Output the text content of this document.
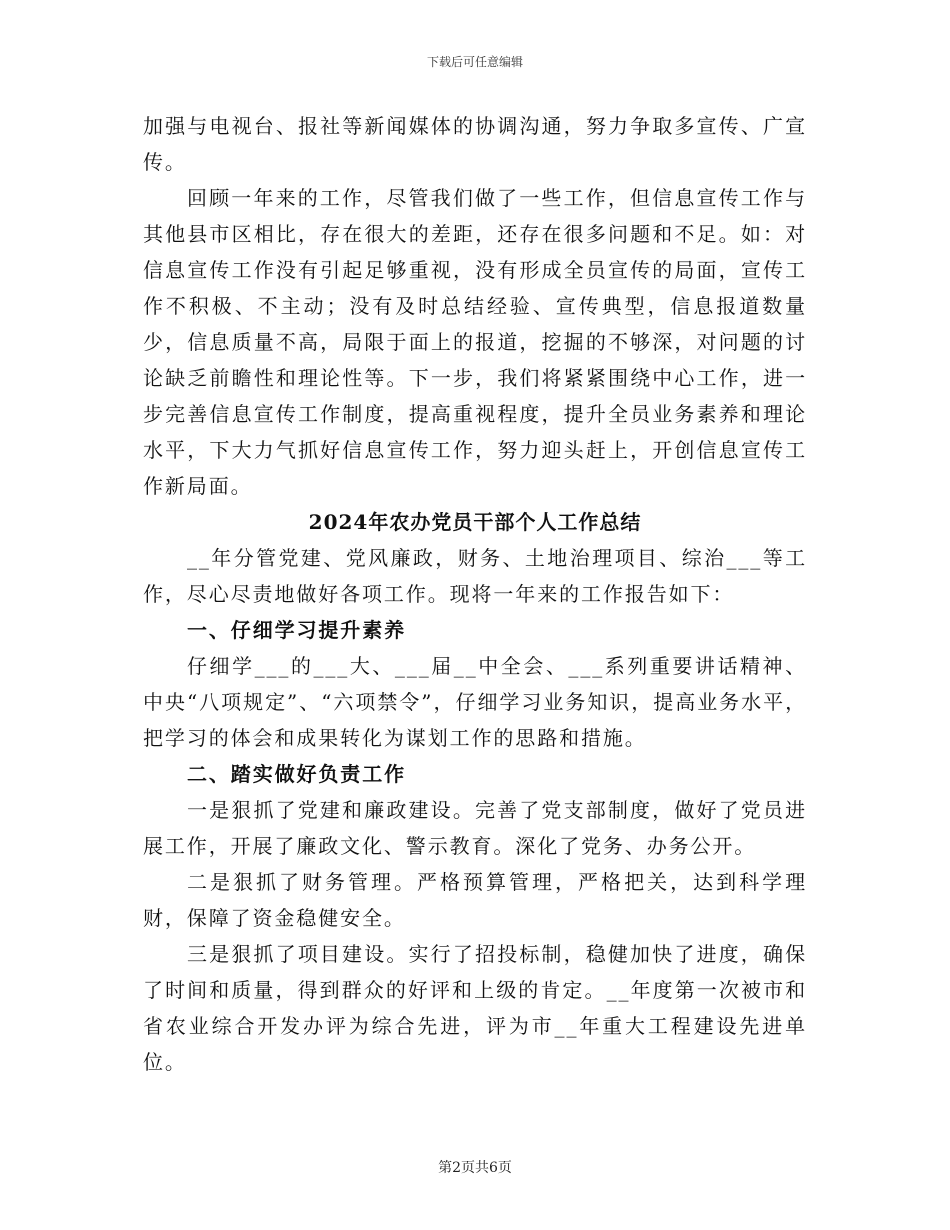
下载后可任意编辑

加强与电视台、报社等新闻媒体的协调沟通，努力争取多宣传、广宣传。

回顾一年来的工作，尽管我们做了一些工作，但信息宣传工作与其他县市区相比，存在很大的差距，还存在很多问题和不足。如：对信息宣传工作没有引起足够重视，没有形成全员宣传的局面，宣传工作不积极、不主动；没有及时总结经验、宣传典型，信息报道数量少，信息质量不高，局限于面上的报道，挖掘的不够深，对问题的讨论缺乏前瞻性和理论性等。下一步，我们将紧紧围绕中心工作，进一步完善信息宣传工作制度，提高重视程度，提升全员业务素养和理论水平，下大力气抓好信息宣传工作，努力迎头赶上，开创信息宣传工作新局面。

2024年农办党员干部个人工作总结

__年分管党建、党风廉政，财务、土地治理项目、综治___等工作，尽心尽责地做好各项工作。现将一年来的工作报告如下：

一、仔细学习提升素养

仔细学___的___大、___届__中全会、___系列重要讲话精神、中央“八项规定”、“六项禁令”，仔细学习业务知识，提高业务水平，把学习的体会和成果转化为谋划工作的思路和措施。

二、踏实做好负责工作

一是狠抓了党建和廉政建设。完善了党支部制度，做好了党员进展工作，开展了廉政文化、警示教育。深化了党务、办务公开。

二是狠抓了财务管理。严格预算管理，严格把关，达到科学理财，保障了资金稳健安全。

三是狠抓了项目建设。实行了招投标制，稳健加快了进度，确保了时间和质量，得到群众的好评和上级的肯定。__年度第一次被市和省农业综合开发办评为综合先进，评为市__年重大工程建设先进单位。

第2页共6页
